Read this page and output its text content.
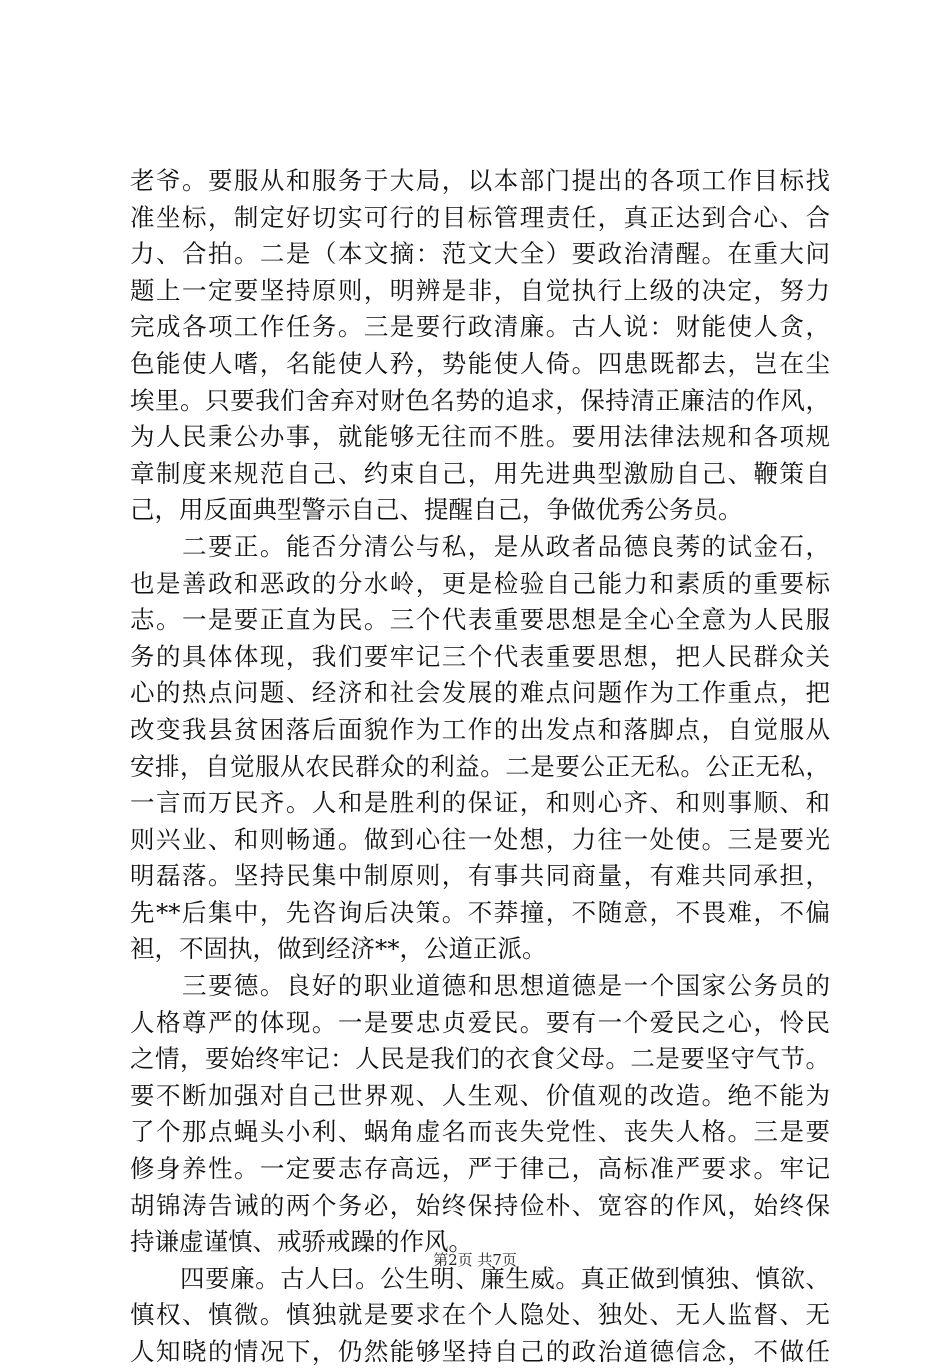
老爷。要服从和服务于大局，以本部门提出的各项工作目标找
准坐标，制定好切实可行的目标管理责任，真正达到合心、合
力、合拍。二是（本文摘：范文大全）要政治清醒。在重大问
题上一定要坚持原则，明辨是非，自觉执行上级的决定，努力
完成各项工作任务。三是要行政清廉。古人说：财能使人贪，
色能使人嗜，名能使人矜，势能使人倚。四患既都去，岂在尘
埃里。只要我们舍弃对财色名势的追求，保持清正廉洁的作风，
为人民秉公办事，就能够无往而不胜。要用法律法规和各项规
章制度来规范自己、约束自己，用先进典型激励自己、鞭策自
己，用反面典型警示自己、提醒自己，争做优秀公务员。
　　二要正。能否分清公与私，是从政者品德良莠的试金石，
也是善政和恶政的分水岭，更是检验自己能力和素质的重要标
志。一是要正直为民。三个代表重要思想是全心全意为人民服
务的具体体现，我们要牢记三个代表重要思想，把人民群众关
心的热点问题、经济和社会发展的难点问题作为工作重点，把
改变我县贫困落后面貌作为工作的出发点和落脚点，自觉服从
安排，自觉服从农民群众的利益。二是要公正无私。公正无私，
一言而万民齐。人和是胜利的保证，和则心齐、和则事顺、和
则兴业、和则畅通。做到心往一处想，力往一处使。三是要光
明磊落。坚持民集中制原则，有事共同商量，有难共同承担，
先**后集中，先咨询后决策。不莽撞，不随意，不畏难，不偏
袒，不固执，做到经济**，公道正派。
　　三要德。良好的职业道德和思想道德是一个国家公务员的
人格尊严的体现。一是要忠贞爱民。要有一个爱民之心，怜民
之情，要始终牢记：人民是我们的衣食父母。二是要坚守气节。
要不断加强对自己世界观、人生观、价值观的改造。绝不能为
了个那点蝇头小利、蜗角虚名而丧失党性、丧失人格。三是要
修身养性。一定要志存高远，严于律己，高标准严要求。牢记
胡锦涛告诫的两个务必，始终保持俭朴、宽容的作风，始终保
持谦虚谨慎、戒骄戒躁的作风。
　　四要廉。古人曰。公生明、廉生威。真正做到慎独、慎欲、
慎权、慎微。慎独就是要求在个人隐处、独处、无人监督、无
人知晓的情况下，仍然能够坚持自己的政治道德信念，不做任
第2页 共7页
